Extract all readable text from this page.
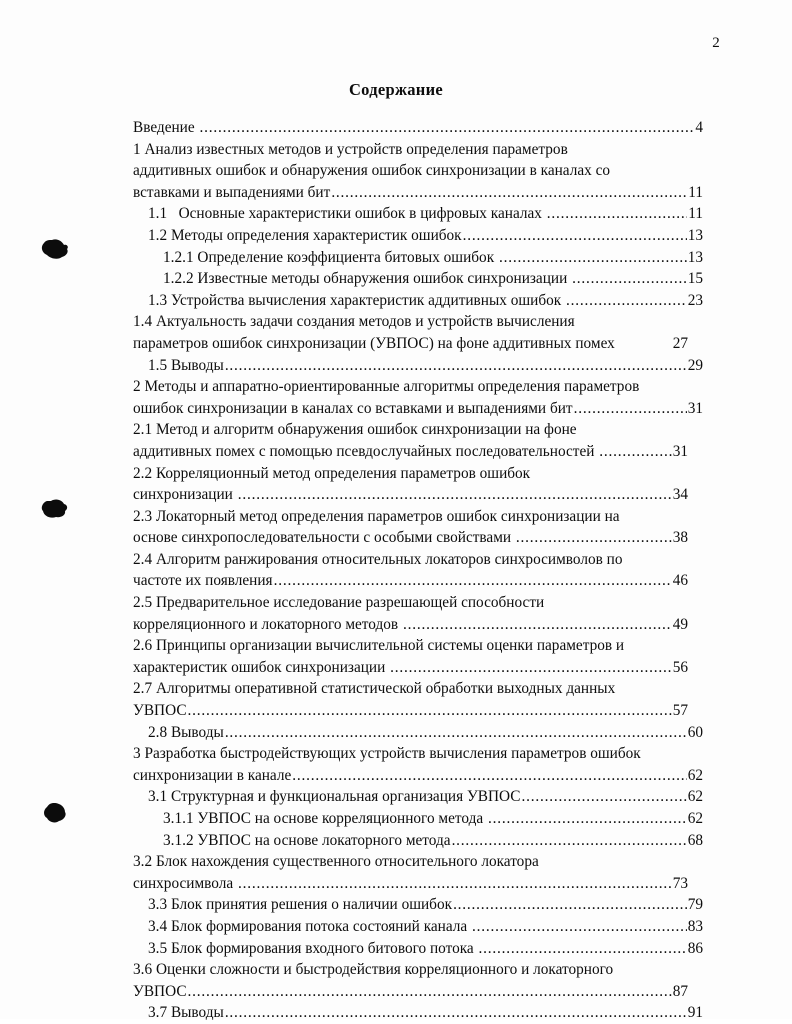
2
Содержание
Введение .....	4
1 Анализ известных методов и устройств определения параметров
аддитивных ошибок и обнаружения ошибок синхронизации в каналах со
вставками и выпадениями бит .....	11
1.1   Основные характеристики ошибок в цифровых каналах .....	11
1.2 Методы определения характеристик ошибок .....	13
1.2.1 Определение коэффициента битовых ошибок .....	13
1.2.2 Известные методы обнаружения ошибок синхронизации .....	15
1.3 Устройства вычисления характеристик аддитивных ошибок .....	23
1.4 Актуальность задачи создания методов и устройств вычисления
параметров ошибок синхронизации (УВПОС) на фоне аддитивных помех	27
1.5 Выводы .....	29
2 Методы и аппаратно-ориентированные алгоритмы определения параметров
ошибок синхронизации в каналах со вставками и выпадениями бит .....	31
2.1 Метод и алгоритм обнаружения ошибок синхронизации на фоне
аддитивных помех с помощью псевдослучайных последовательностей .....	31
2.2 Корреляционный метод определения параметров ошибок
синхронизации .....	34
2.3 Локаторный метод определения параметров ошибок синхронизации на
основе синхропоследовательности с особыми свойствами .....	38
2.4 Алгоритм ранжирования относительных локаторов синхросимволов по
частоте их появления .....	46
2.5 Предварительное исследование разрешающей способности
корреляционного и локаторного методов .....	49
2.6 Принципы организации вычислительной системы оценки параметров и
характеристик ошибок синхронизации .....	56
2.7 Алгоритмы оперативной статистической обработки выходных данных
УВПОС .....	57
2.8 Выводы .....	60
3 Разработка быстродействующих устройств вычисления параметров ошибок
синхронизации в канале .....	62
3.1 Структурная и функциональная организация УВПОС .....	62
3.1.1 УВПОС на основе корреляционного метода .....	62
3.1.2 УВПОС на основе локаторного метода .....	68
3.2 Блок нахождения существенного относительного локатора
синхросимвола .....	73
3.3 Блок принятия решения о наличии ошибок .....	79
3.4 Блок формирования потока состояний канала .....	83
3.5 Блок формирования входного битового потока .....	86
3.6 Оценки сложности и быстродействия корреляционного и локаторного
УВПОС .....	87
3.7 Выводы .....	91
